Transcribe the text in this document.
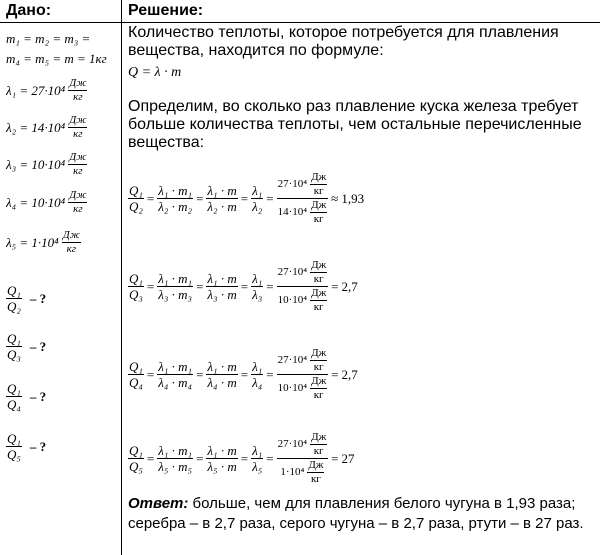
Дано:	Решение:
m₁ = m₂ = m₃ =
m₄ = m₅ = m = 1кг
$\lambda_1 = 27\cdot 10^4 \frac{Дж}{кг}$
$\lambda_2 = 14\cdot 10^4 \frac{Дж}{кг}$
$\lambda_3 = 10\cdot 10^4 \frac{Дж}{кг}$
$\lambda_4 = 10\cdot 10^4 \frac{Дж}{кг}$
$\lambda_5 = 1\cdot 10^4 \frac{Дж}{кг}$
$\frac{\text{Q₁}}{\text{Q₂}}$ – ?
$\frac{\text{Q₁}}{\text{Q₃}}$ – ?
$\frac{\text{Q₁}}{\text{Q₄}}$ – ?
$\frac{\text{Q₁}}{\text{Q₅}}$ – ?
Количество теплоты, которое потребуется для плавления вещества, находится по формуле:
Q = λ · m
Определим, во сколько раз плавление куска железа требует больше количества теплоты, чем остальные перечисленные вещества:
$\frac{\text{Q₁}}{\text{Q₂}} = \frac{\text{λ₁ · m₁}}{\text{λ₂ · m₂}} = \frac{\text{λ₁ · m}}{\text{λ₂ · m}} = \frac{\text{λ₁}}{\text{λ₂}} = \frac{27\cdot 10^4 \frac{Дж}{кг}}{14\cdot 10^4 \frac{Дж}{кг}} \approx 1,93$
$\frac{\text{Q₁}}{\text{Q₃}} = \frac{\text{λ₁ · m₁}}{\text{λ₃ · m₃}} = \frac{\text{λ₁ · m}}{\text{λ₃ · m}} = \frac{\text{λ₁}}{\text{λ₃}} = \frac{27\cdot 10^4 \frac{Дж}{кг}}{10\cdot 10^4 \frac{Дж}{кг}} = 2,7$
$\frac{\text{Q₁}}{\text{Q₄}} = \frac{\text{λ₁ · m₁}}{\text{λ₄ · m₄}} = \frac{\text{λ₁ · m}}{\text{λ₄ · m}} = \frac{\text{λ₁}}{\text{λ₄}} = \frac{27\cdot 10^4 \frac{Дж}{кг}}{10\cdot 10^4 \frac{Дж}{кг}} = 2,7$
$\frac{\text{Q₁}}{\text{Q₅}} = \frac{\text{λ₁ · m₁}}{\text{λ₅ · m₅}} = \frac{\text{λ₁ · m}}{\text{λ₅ · m}} = \frac{\text{λ₁}}{\text{λ₅}} = \frac{27\cdot 10^4 \frac{Дж}{кг}}{1\cdot 10^4 \frac{Дж}{кг}} = 27$
Ответ: больше, чем для плавления белого чугуна в 1,93 раза; серебра – в 2,7 раза, серого чугуна – в 2,7 раза, ртути – в 27 раз.
